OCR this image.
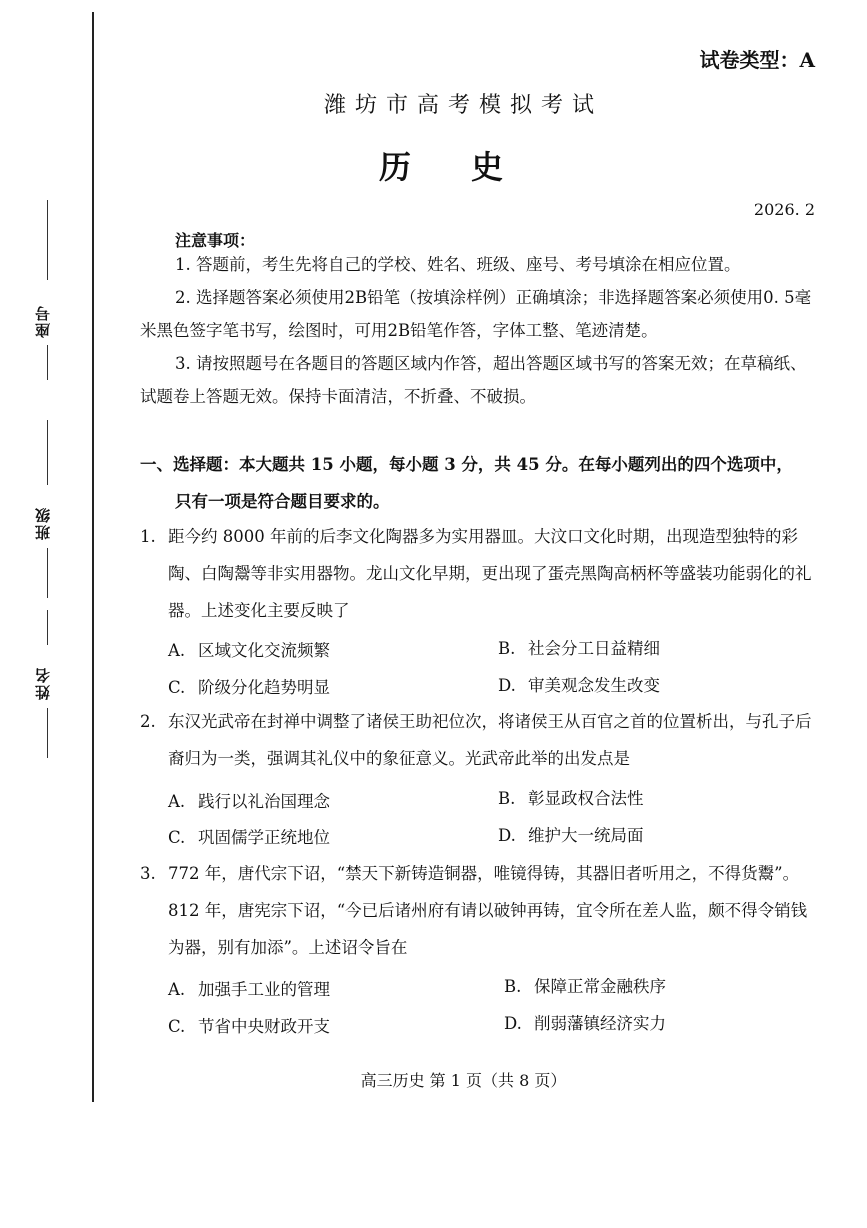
座号
班级
姓名
试卷类型：A
潍坊市高考模拟考试
历史
2026. 2
注意事项：
1. 答题前，考生先将自己的学校、姓名、班级、座号、考号填涂在相应位置。
2. 选择题答案必须使用2B铅笔（按填涂样例）正确填涂；非选择题答案必须使用0. 5毫米黑色签字笔书写，绘图时，可用2B铅笔作答，字体工整、笔迹清楚。
3. 请按照题号在各题目的答题区域内作答，超出答题区域书写的答案无效；在草稿纸、试题卷上答题无效。保持卡面清洁，不折叠、不破损。
一、选择题：本大题共 15 小题，每小题 3 分，共 45 分。在每小题列出的四个选项中，
只有一项是符合题目要求的。
1. 距今约 8000 年前的后李文化陶器多为实用器皿。大汶口文化时期，出现造型独特的彩陶、白陶鬶等非实用器物。龙山文化早期，更出现了蛋壳黑陶高柄杯等盛装功能弱化的礼器。上述变化主要反映了
A. 区域文化交流频繁	B. 社会分工日益精细
C. 阶级分化趋势明显	D. 审美观念发生改变
2. 东汉光武帝在封禅中调整了诸侯王助祀位次，将诸侯王从百官之首的位置析出，与孔子后裔归为一类，强调其礼仪中的象征意义。光武帝此举的出发点是
A. 践行以礼治国理念	B. 彰显政权合法性
C. 巩固儒学正统地位	D. 维护大一统局面
3. 772 年，唐代宗下诏，“禁天下新铸造铜器，唯镜得铸，其器旧者听用之，不得货鬻”。812 年，唐宪宗下诏，“今已后诸州府有请以破钟再铸，宜令所在差人监，颇不得令销钱为器，别有加添”。上述诏令旨在
A. 加强手工业的管理	B. 保障正常金融秩序
C. 节省中央财政开支	D. 削弱藩镇经济实力
高三历史 第 1 页（共 8 页）
